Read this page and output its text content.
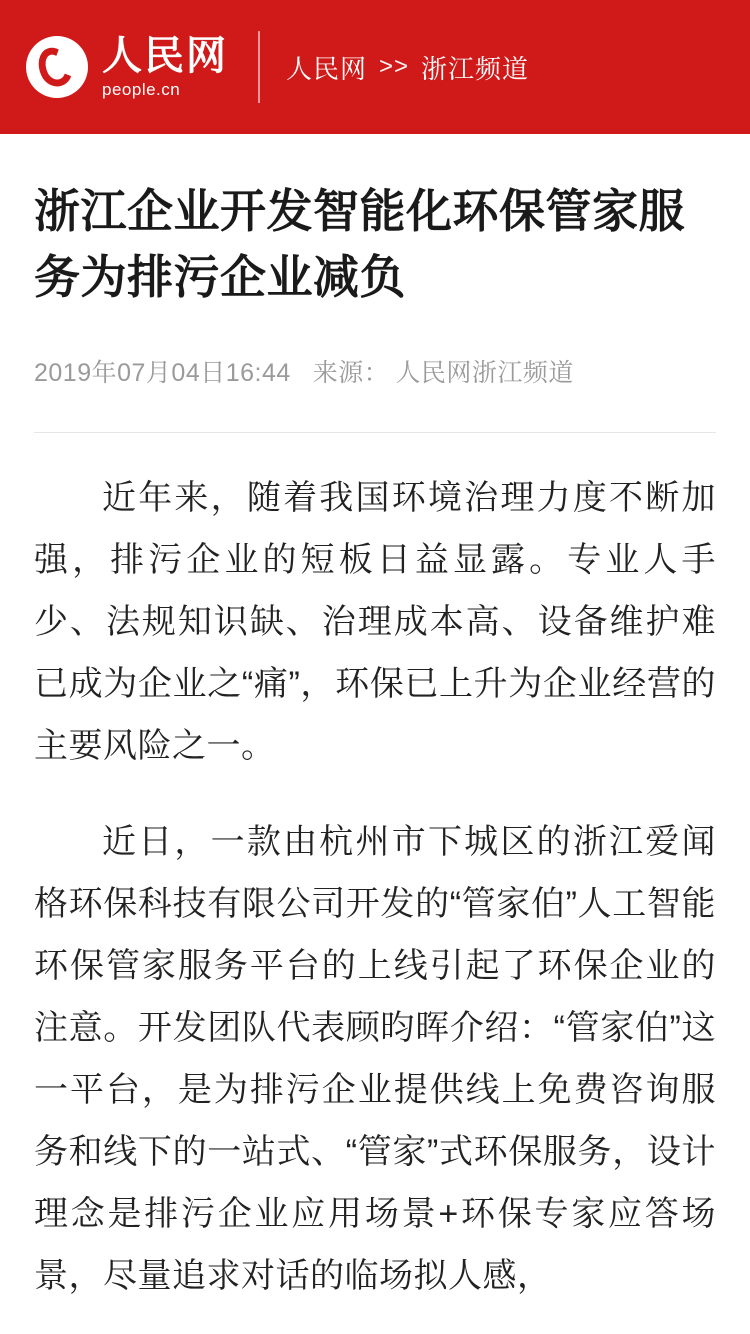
人民网
people.cn
人民网 >> 浙江频道
浙江企业开发智能化环保管家服务为排污企业减负
2019年07月04日16:44 来源： 人民网浙江频道

近年来，随着我国环境治理力度不断加强，排污企业的短板日益显露。专业人手少、法规知识缺、治理成本高、设备维护难已成为企业之“痛”，环保已上升为企业经营的主要风险之一。

近日，一款由杭州市下城区的浙江爱闻格环保科技有限公司开发的“管家伯”人工智能环保管家服务平台的上线引起了环保企业的注意。开发团队代表顾昀晖介绍：“管家伯”这一平台，是为排污企业提供线上免费咨询服务和线下的一站式、“管家”式环保服务，设计理念是排污企业应用场景+环保专家应答场景，尽量追求对话的临场拟人感，
